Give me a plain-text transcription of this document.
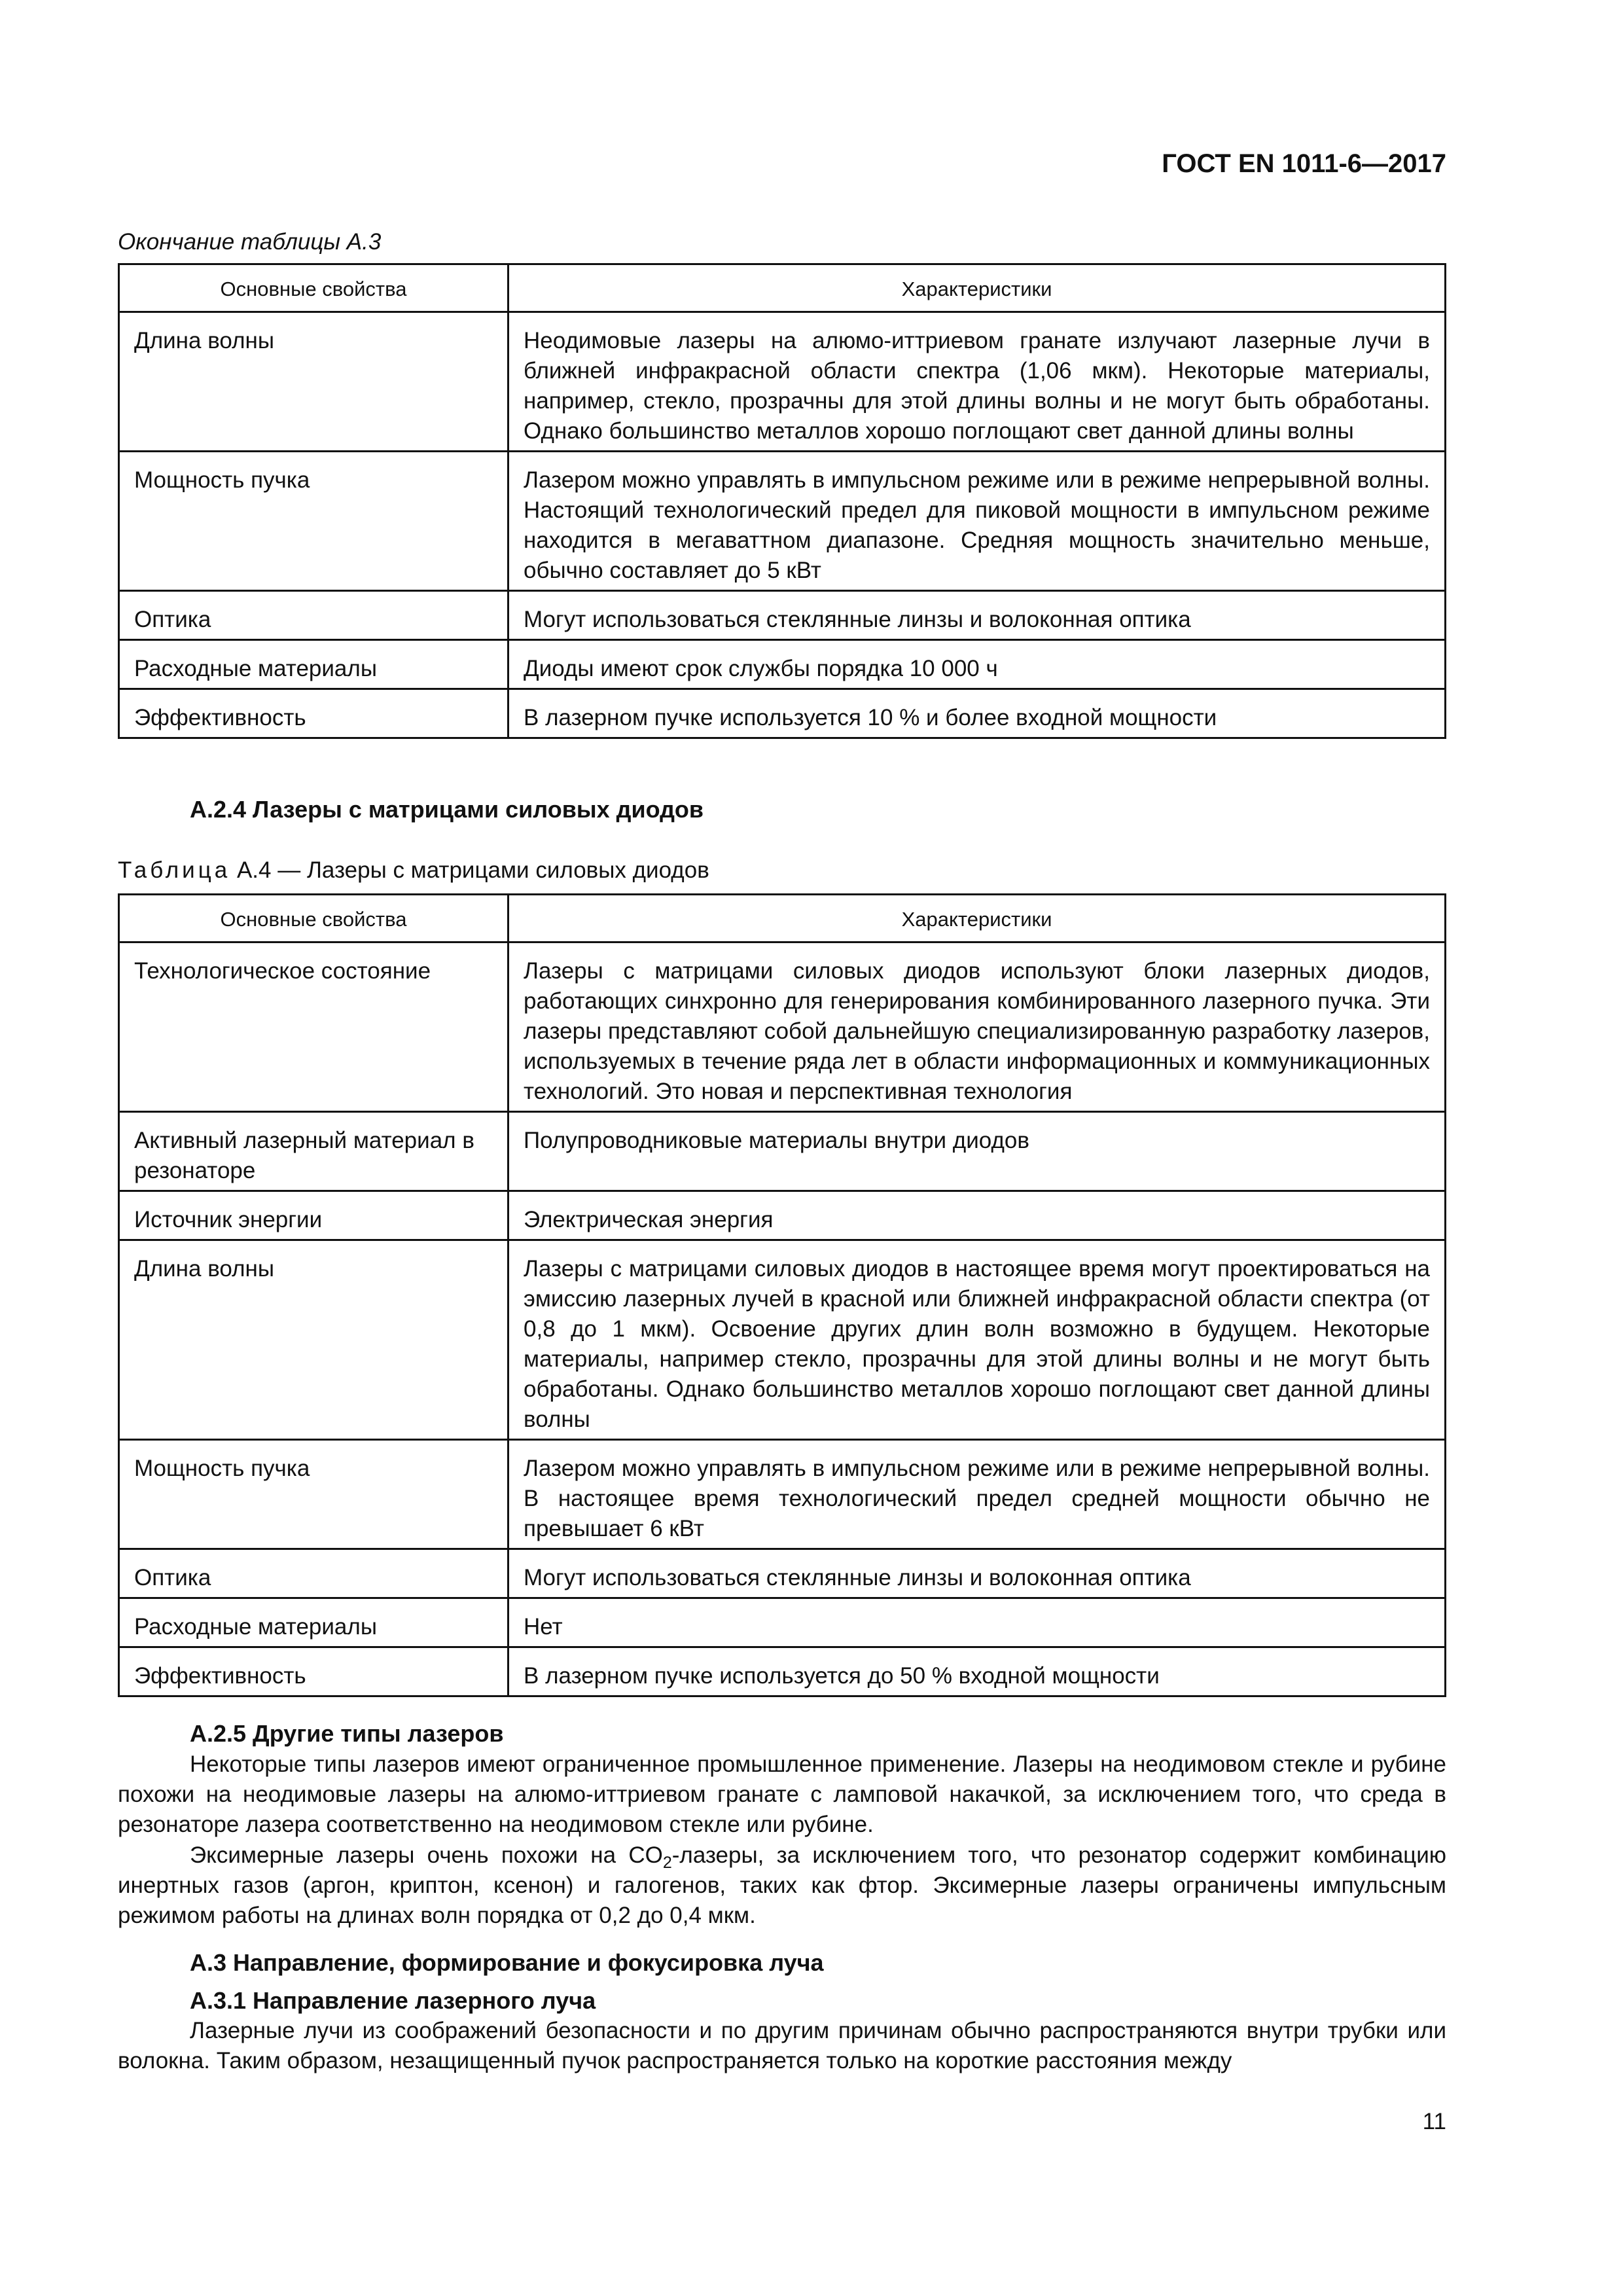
ГОСТ EN 1011-6—2017
Окончание таблицы А.3
Основные свойства	Характеристики
Длина волны	Неодимовые лазеры на алюмо-иттриевом гранате излучают лазерные лучи в ближней инфракрасной области спектра (1,06 мкм). Некоторые материалы, например, стекло, прозрачны для этой длины волны и не могут быть обработаны. Однако большинство металлов хорошо поглощают свет данной длины волны
Мощность пучка	Лазером можно управлять в импульсном режиме или в режиме непрерывной волны. Настоящий технологический предел для пиковой мощности в импульсном режиме находится в мегаваттном диапазоне. Средняя мощность значительно меньше, обычно составляет до 5 кВт
Оптика	Могут использоваться стеклянные линзы и волоконная оптика
Расходные материалы	Диоды имеют срок службы порядка 10 000 ч
Эффективность	В лазерном пучке используется 10 % и более входной мощности
А.2.4 Лазеры с матрицами силовых диодов
Таблица А.4 — Лазеры с матрицами силовых диодов
Основные свойства	Характеристики
Технологическое состояние	Лазеры с матрицами силовых диодов используют блоки лазерных диодов, работающих синхронно для генерирования комбинированного лазерного пучка. Эти лазеры представляют собой дальнейшую специализированную разработку лазеров, используемых в течение ряда лет в области информационных и коммуникационных технологий. Это новая и перспективная технология
Активный лазерный материал в резонаторе	Полупроводниковые материалы внутри диодов
Источник энергии	Электрическая энергия
Длина волны	Лазеры с матрицами силовых диодов в настоящее время могут проектироваться на эмиссию лазерных лучей в красной или ближней инфракрасной области спектра (от 0,8 до 1 мкм). Освоение других длин волн возможно в будущем. Некоторые материалы, например стекло, прозрачны для этой длины волны и не могут быть обработаны. Однако большинство металлов хорошо поглощают свет данной длины волны
Мощность пучка	Лазером можно управлять в импульсном режиме или в режиме непрерывной волны. В настоящее время технологический предел средней мощности обычно не превышает 6 кВт
Оптика	Могут использоваться стеклянные линзы и волоконная оптика
Расходные материалы	Нет
Эффективность	В лазерном пучке используется до 50 % входной мощности
А.2.5 Другие типы лазеров

Некоторые типы лазеров имеют ограниченное промышленное применение. Лазеры на неодимовом стекле и рубине похожи на неодимовые лазеры на алюмо-иттриевом гранате с ламповой накачкой, за исключением того, что среда в резонаторе лазера соответственно на неодимовом стекле или рубине.

Эксимерные лазеры очень похожи на $CO_2$-лазеры, за исключением того, что резонатор содержит комбинацию инертных газов (аргон, криптон, ксенон) и галогенов, таких как фтор. Эксимерные лазеры ограничены импульсным режимом работы на длинах волн порядка от 0,2 до 0,4 мкм.

А.3 Направление, формирование и фокусировка луча
А.3.1 Направление лазерного луча

Лазерные лучи из соображений безопасности и по другим причинам обычно распространяются внутри трубки или волокна. Таким образом, незащищенный пучок распространяется только на короткие расстояния между

11
